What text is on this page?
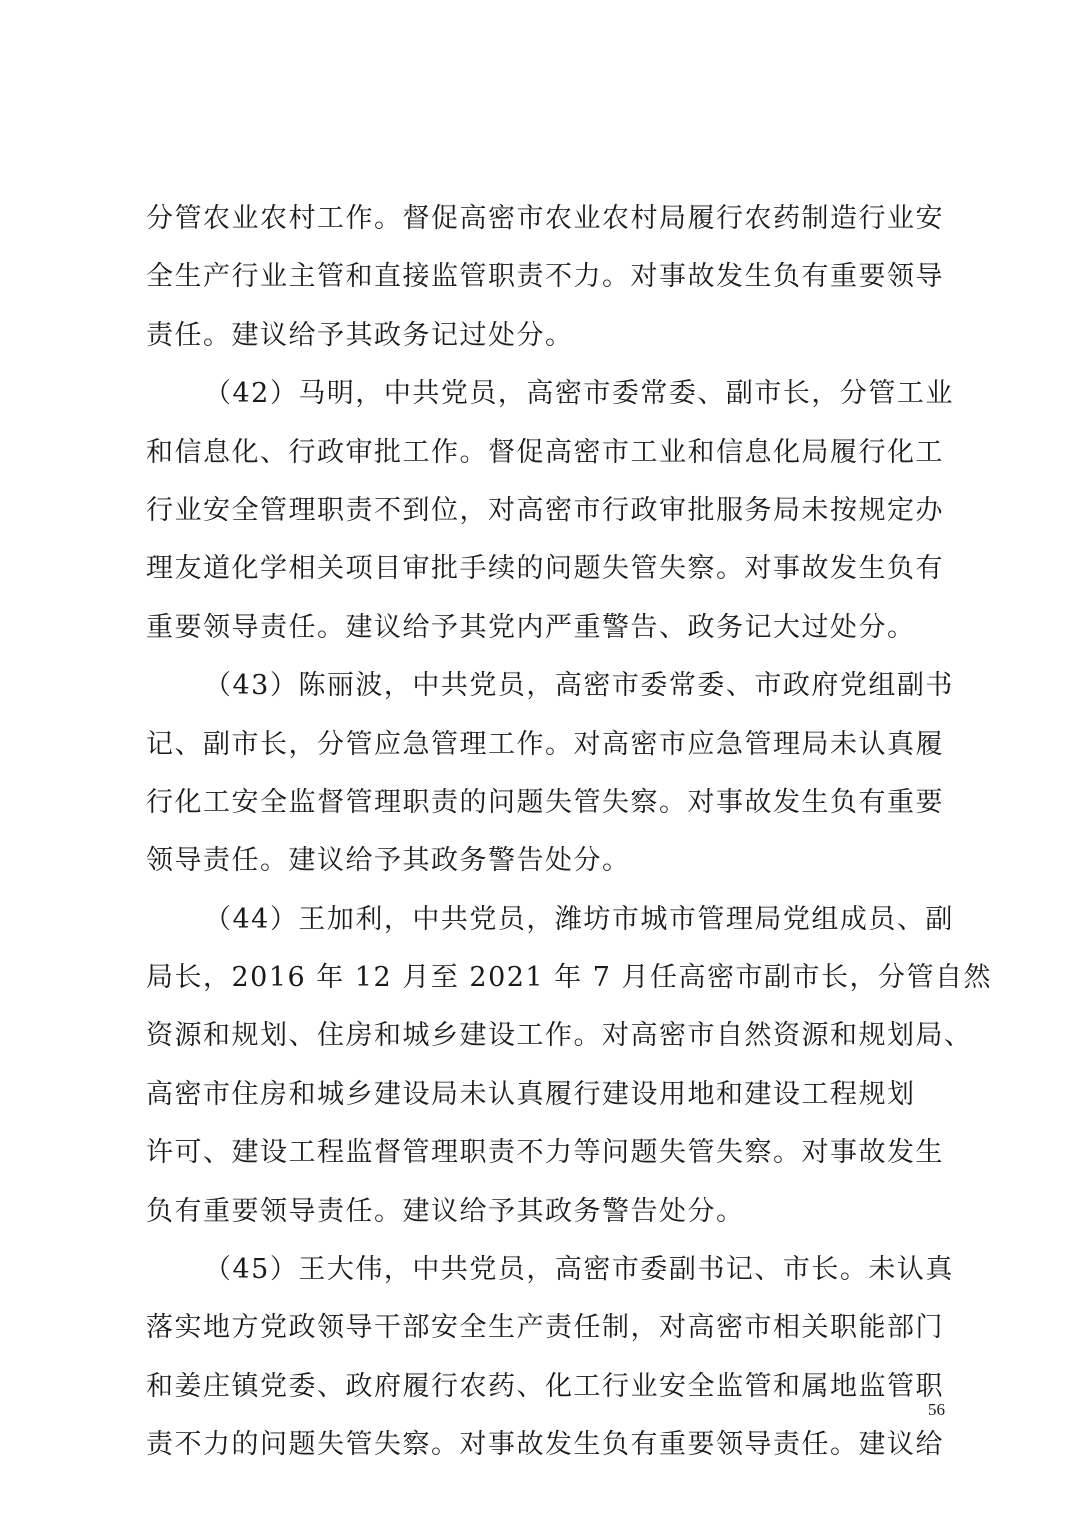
分管农业农村工作。督促高密市农业农村局履行农药制造行业安
全生产行业主管和直接监管职责不力。对事故发生负有重要领导
责任。建议给予其政务记过处分。
（42）马明，中共党员，高密市委常委、副市长，分管工业
和信息化、行政审批工作。督促高密市工业和信息化局履行化工
行业安全管理职责不到位，对高密市行政审批服务局未按规定办
理友道化学相关项目审批手续的问题失管失察。对事故发生负有
重要领导责任。建议给予其党内严重警告、政务记大过处分。
（43）陈丽波，中共党员，高密市委常委、市政府党组副书
记、副市长，分管应急管理工作。对高密市应急管理局未认真履
行化工安全监督管理职责的问题失管失察。对事故发生负有重要
领导责任。建议给予其政务警告处分。
（44）王加利，中共党员，潍坊市城市管理局党组成员、副
局长，2016 年 12 月至 2021 年 7 月任高密市副市长，分管自然
资源和规划、住房和城乡建设工作。对高密市自然资源和规划局、
高密市住房和城乡建设局未认真履行建设用地和建设工程规划
许可、建设工程监督管理职责不力等问题失管失察。对事故发生
负有重要领导责任。建议给予其政务警告处分。
（45）王大伟，中共党员，高密市委副书记、市长。未认真
落实地方党政领导干部安全生产责任制，对高密市相关职能部门
和姜庄镇党委、政府履行农药、化工行业安全监管和属地监管职
责不力的问题失管失察。对事故发生负有重要领导责任。建议给
56
